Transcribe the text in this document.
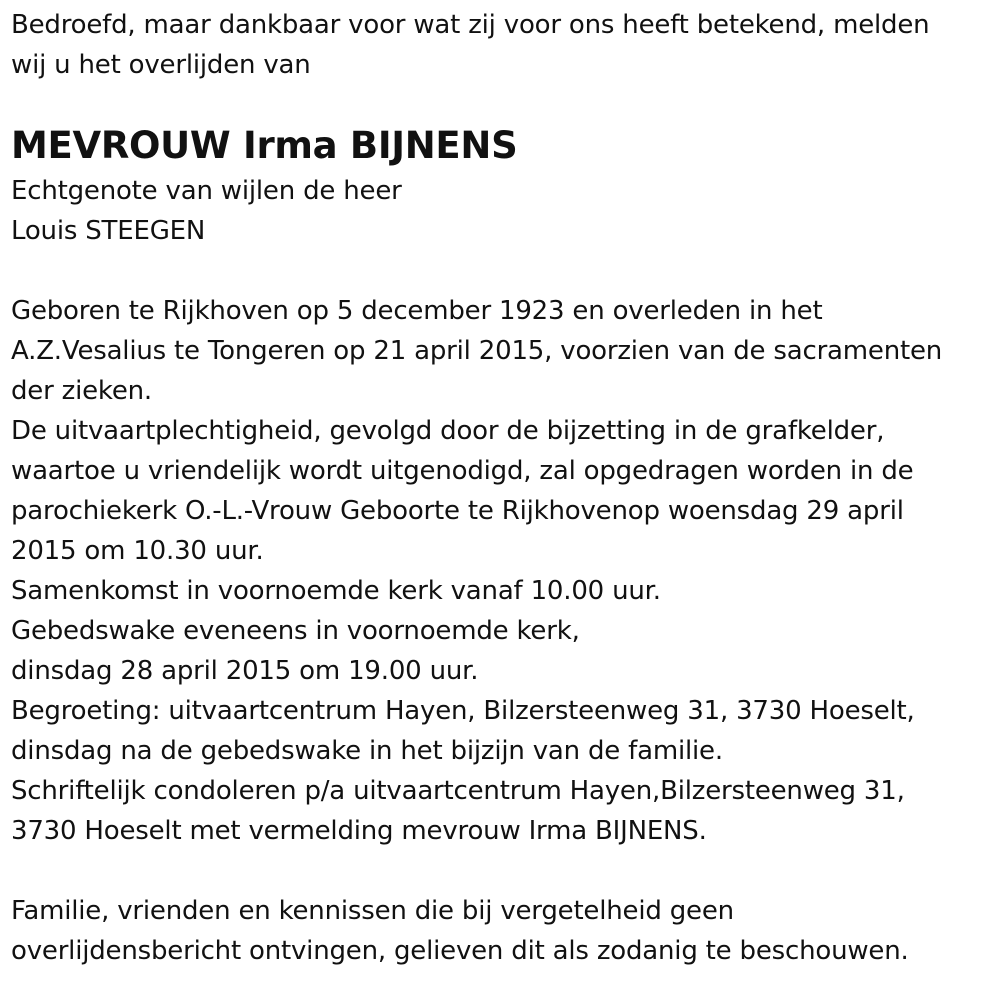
Bedroefd, maar dankbaar voor wat zij voor ons heeft betekend, melden
wij u het overlijden van
MEVROUW Irma BIJNENS
Echtgenote van wijlen de heer
Louis STEEGEN
Geboren te Rijkhoven op 5 december 1923 en overleden in het
A.Z.Vesalius te Tongeren op 21 april 2015, voorzien van de sacramenten
der zieken.
De uitvaartplechtigheid, gevolgd door de bijzetting in de grafkelder,
waartoe u vriendelijk wordt uitgenodigd, zal opgedragen worden in de
parochiekerk O.-L.-Vrouw Geboorte te Rijkhovenop woensdag 29 april
2015 om 10.30 uur.
Samenkomst in voornoemde kerk vanaf 10.00 uur.
Gebedswake eveneens in voornoemde kerk,
dinsdag 28 april 2015 om 19.00 uur.
Begroeting: uitvaartcentrum Hayen, Bilzersteenweg 31, 3730 Hoeselt,
dinsdag na de gebedswake in het bijzijn van de familie.
Schriftelijk condoleren p/a uitvaartcentrum Hayen,Bilzersteenweg 31,
3730 Hoeselt met vermelding mevrouw Irma BIJNENS.
Familie, vrienden en kennissen die bij vergetelheid geen
overlijdensbericht ontvingen, gelieven dit als zodanig te beschouwen.
